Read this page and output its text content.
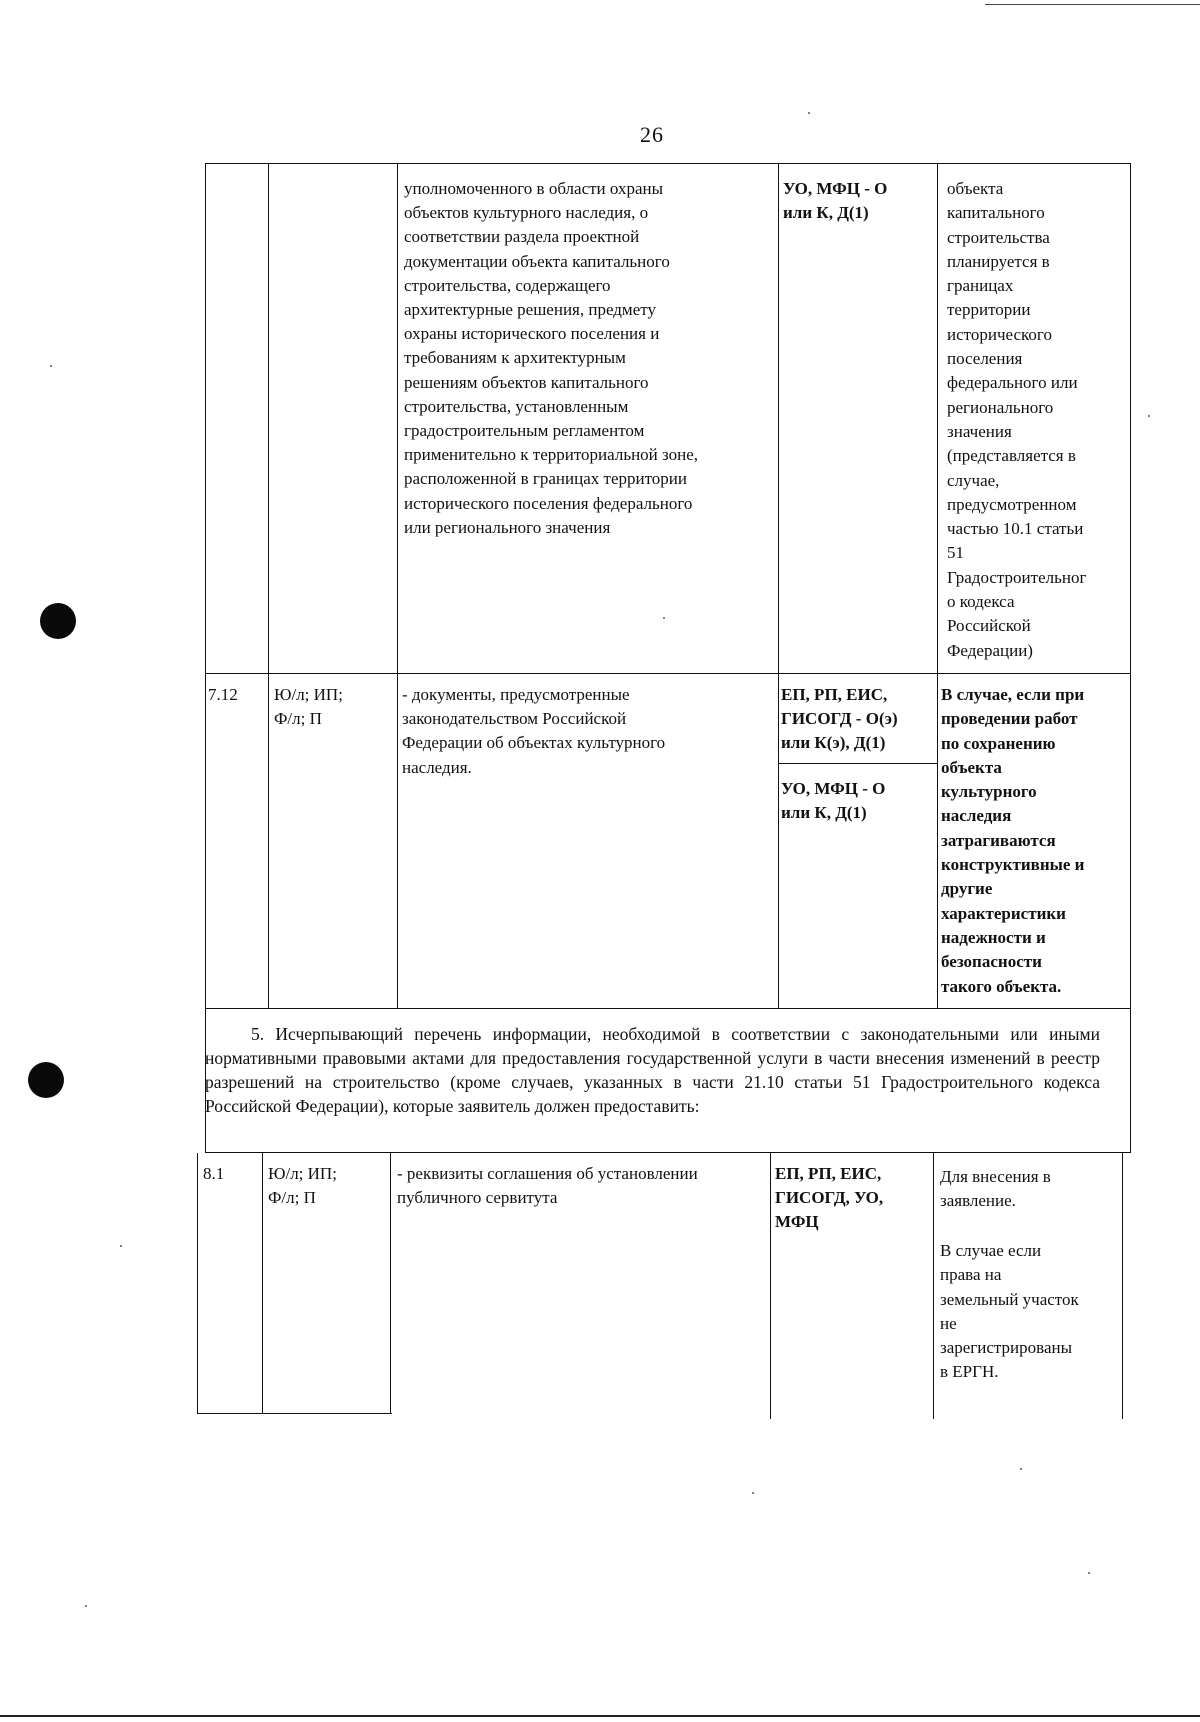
26
уполномоченного в области охраны
объектов культурного наследия, о
соответствии раздела проектной
документации объекта капитального
строительства, содержащего
архитектурные решения, предмету
охраны исторического поселения и
требованиям к архитектурным
решениям объектов капитального
строительства, установленным
градостроительным регламентом
применительно к территориальной зоне,
расположенной в границах территории
исторического поселения федерального
или регионального значения
УО, МФЦ - О
или К, Д(1)
объекта
капитального
строительства
планируется в
границах
территории
исторического
поселения
федерального или
регионального
значения
(представляется в
случае,
предусмотренном
частью 10.1 статьи
51
Градостроительног
о кодекса
Российской
Федерации)
7.12	Ю/л; ИП;
Ф/л; П
- документы, предусмотренные
законодательством Российской
Федерации об объектах культурного
наследия.
ЕП, РП, ЕИС,
ГИСОГД - О(э)
или К(э), Д(1)
УО, МФЦ - О
или К, Д(1)
В случае, если при
проведении работ
по сохранению
объекта
культурного
наследия
затрагиваются
конструктивные и
другие
характеристики
надежности и
безопасности
такого объекта.
5. Исчерпывающий перечень информации, необходимой в соответствии с законодательными или иными нормативными правовыми актами для предоставления государственной услуги в части внесения изменений в реестр разрешений на строительство (кроме случаев, указанных в части 21.10 статьи 51 Градостроительного кодекса Российской Федерации), которые заявитель должен предоставить:
8.1	Ю/л; ИП;
Ф/л; П
- реквизиты соглашения об установлении
публичного сервитута
ЕП, РП, ЕИС,
ГИСОГД, УО,
МФЦ
Для внесения в
заявление.
В случае если
права на
земельный участок
не
зарегистрированы
в ЕРГН.
